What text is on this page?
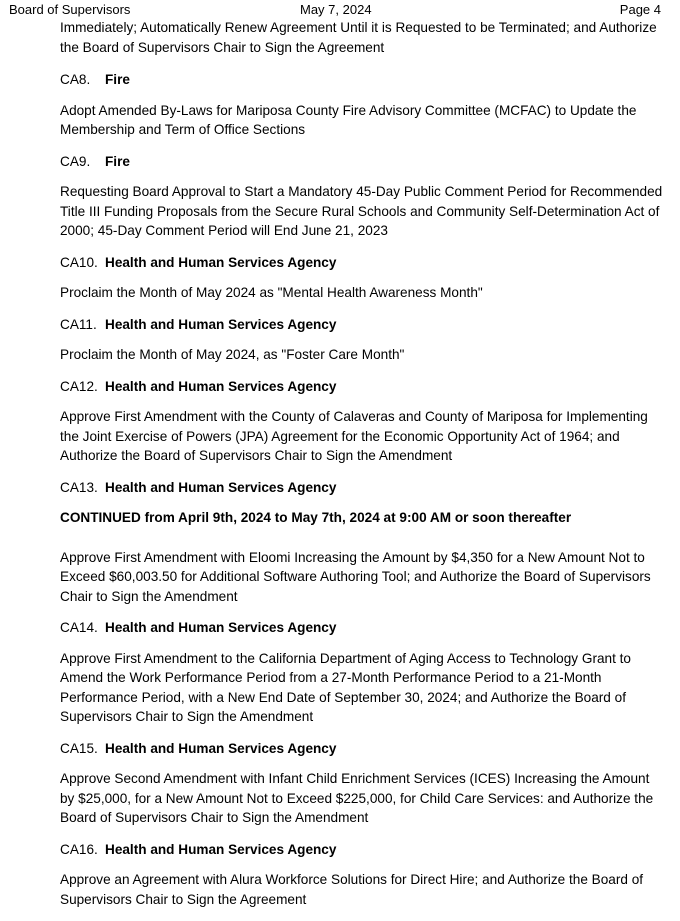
Board of Supervisors	May 7, 2024	Page 4

Immediately; Automatically Renew Agreement Until it is Requested to be Terminated; and Authorize the Board of Supervisors Chair to Sign the Agreement

CA8. Fire

Adopt Amended By-Laws for Mariposa County Fire Advisory Committee (MCFAC) to Update the Membership and Term of Office Sections

CA9. Fire

Requesting Board Approval to Start a Mandatory 45-Day Public Comment Period for Recommended Title III Funding Proposals from the Secure Rural Schools and Community Self-Determination Act of 2000; 45-Day Comment Period will End June 21, 2023

CA10. Health and Human Services Agency

Proclaim the Month of May 2024 as "Mental Health Awareness Month"

CA11. Health and Human Services Agency

Proclaim the Month of May 2024, as "Foster Care Month"

CA12. Health and Human Services Agency

Approve First Amendment with the County of Calaveras and County of Mariposa for Implementing the Joint Exercise of Powers (JPA) Agreement for the Economic Opportunity Act of 1964; and Authorize the Board of Supervisors Chair to Sign the Amendment

CA13. Health and Human Services Agency

CONTINUED from April 9th, 2024 to May 7th, 2024 at 9:00 AM or soon thereafter

Approve First Amendment with Eloomi Increasing the Amount by $4,350 for a New Amount Not to Exceed $60,003.50 for Additional Software Authoring Tool; and Authorize the Board of Supervisors Chair to Sign the Amendment

CA14. Health and Human Services Agency

Approve First Amendment to the California Department of Aging Access to Technology Grant to Amend the Work Performance Period from a 27-Month Performance Period to a 21-Month Performance Period, with a New End Date of September 30, 2024; and Authorize the Board of Supervisors Chair to Sign the Amendment

CA15. Health and Human Services Agency

Approve Second Amendment with Infant Child Enrichment Services (ICES) Increasing the Amount by $25,000, for a New Amount Not to Exceed $225,000, for Child Care Services: and Authorize the Board of Supervisors Chair to Sign the Amendment

CA16. Health and Human Services Agency

Approve an Agreement with Alura Workforce Solutions for Direct Hire; and Authorize the Board of Supervisors Chair to Sign the Agreement
